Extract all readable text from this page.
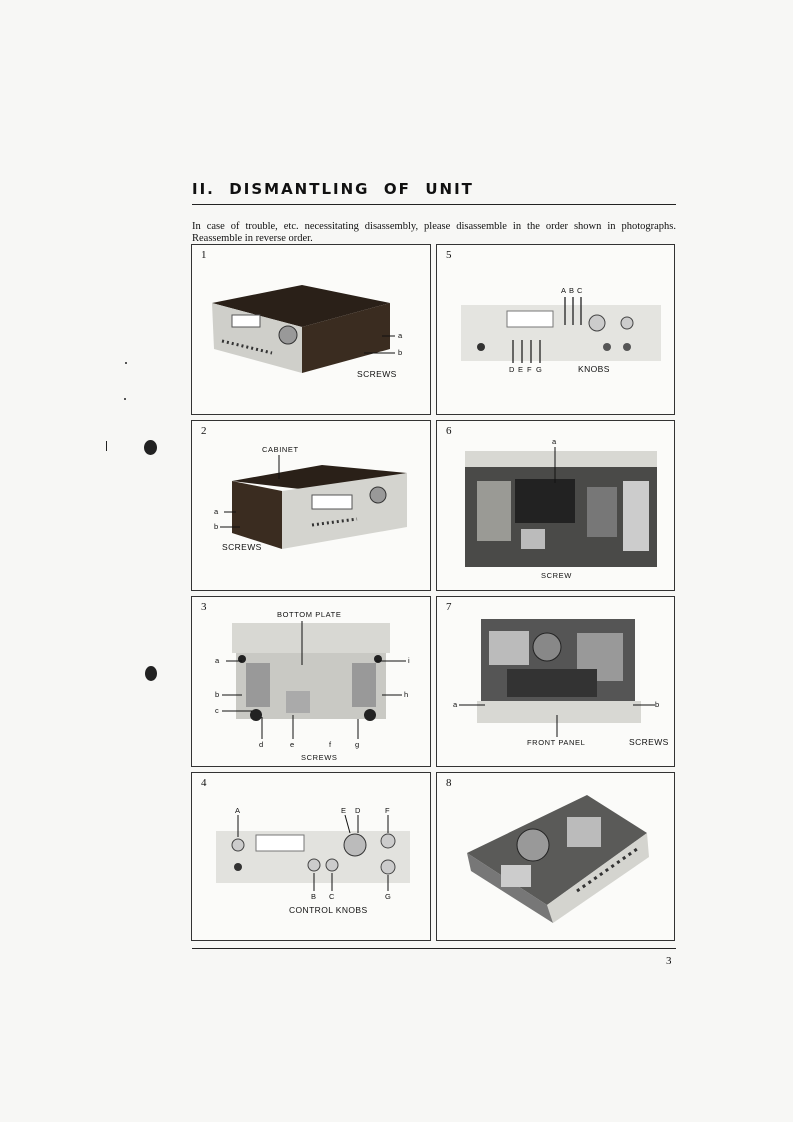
II.  DISMANTLING  OF  UNIT

In case of trouble, etc. necessitating disassembly, please disassemble in the order shown in photographs. Reassemble in reverse order.

1
a
b
SCREWS
5
A B C
D E F G	KNOBS
2
CABINET
a
b
SCREWS
6
a
SCREW
3
BOTTOM PLATE
a	i
b	h
c
d	e	f	g
SCREWS
7
a	b
FRONT PANEL	SCREWS
4
A	E D	F
B C	G
CONTROL KNOBS
8
3
